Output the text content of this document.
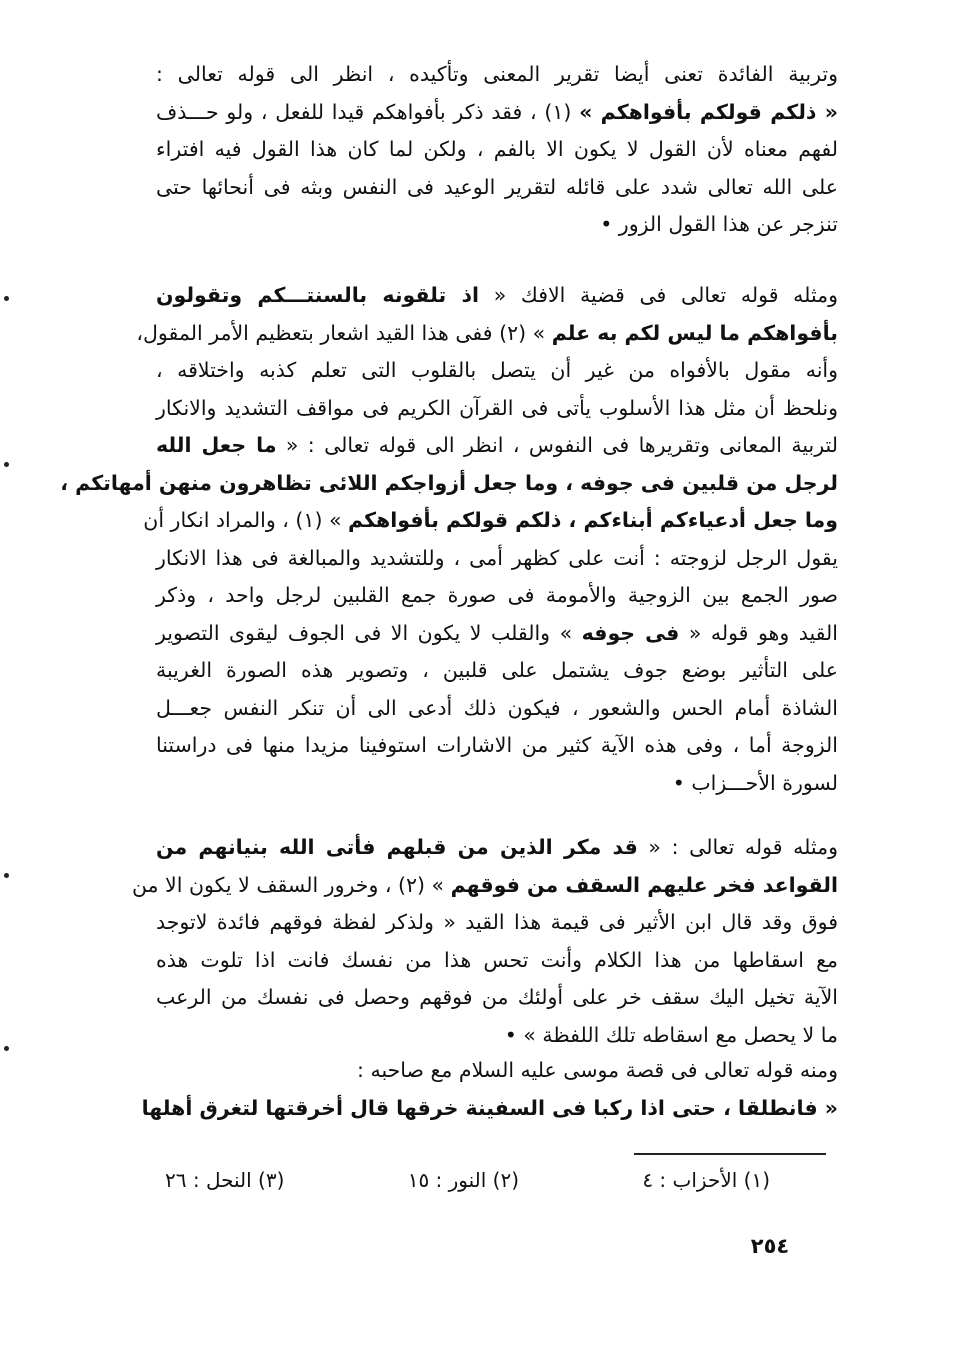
وتربية الفائدة تعنى أيضا تقرير المعنى وتأكيده ، انظر الى قوله تعالى :
« ذلكم قولكم بأفواهكم » (١) ، فقد ذكر بأفواهكم قيدا للفعل ، ولو حـــذف
لفهم معناه لأن القول لا يكون الا بالفم ، ولكن لما كان هذا القول فيه افتراء
على الله تعالى شدد على قائله لتقرير الوعيد فى النفس وبثه فى أنحائها حتى
تنزجر عن هذا القول الزور •
ومثله قوله تعالى فى قضية الافك « اذ تلقونه بالسنتـــكم وتقولون
بأفواهكم ما ليس لكم به علم » (٢) ففى هذا القيد اشعار بتعظيم الأمر المقول،
وأنه مقول بالأفواه من غير أن يتصل بالقلوب التى تعلم كذبه واختلاقه ،
ونلحظ أن مثل هذا الأسلوب يأتى فى القرآن الكريم فى مواقف التشديد والانكار
لتربية المعانى وتقريرها فى النفوس ، انظر الى قوله تعالى : « ما جعل الله
لرجل من قلبين فى جوفه ، وما جعل أزواجكم اللائى تظاهرون منهن أمهاتكم ،
وما جعل أدعياءكم أبناءكم ، ذلكم قولكم بأفواهكم » (١) ، والمراد انكار أن
يقول الرجل لزوجته : أنت على كظهر أمى ، وللتشديد والمبالغة فى هذا الانكار
صور الجمع بين الزوجية والأمومة فى صورة جمع القلبين لرجل واحد ، وذكر
القيد وهو قوله « فى جوفه » والقلب لا يكون الا فى الجوف ليقوى التصوير
على التأثير بوضع جوف يشتمل على قلبين ، وتصوير هذه الصورة الغريبة
الشاذة أمام الحس والشعور ، فيكون ذلك أدعى الى أن تنكر النفس جعـــل
الزوجة أما ، وفى هذه الآية كثير من الاشارات استوفينا مزيدا منها فى دراستنا
لسورة الأحـــزاب •
ومثله قوله تعالى : « قد مكر الذين من قبلهم فأتى الله بنيانهم من
القواعد فخر عليهم السقف من فوقهم » (٢) ، وخرور السقف لا يكون الا من
فوق وقد قال ابن الأثير فى قيمة هذا القيد « ولذكر لفظة فوقهم فائدة لاتوجد
مع اسقاطها من هذا الكلام وأنت تحس هذا من نفسك فانت اذا تلوت هذه
الآية تخيل اليك سقف خر على أولئك من فوقهم وحصل فى نفسك من الرعب
ما لا يحصل مع اسقاطه تلك اللفظة » •
ومنه قوله تعالى فى قصة موسى عليه السلام مع صاحبه :
« فانطلقا ، حتى اذا ركبا فى السفينة خرقها قال أخرقتها لتغرق أهلها
(١) الأحزاب : ٤
(٢) النور : ١٥
(٣) النحل : ٢٦
٢٥٤
